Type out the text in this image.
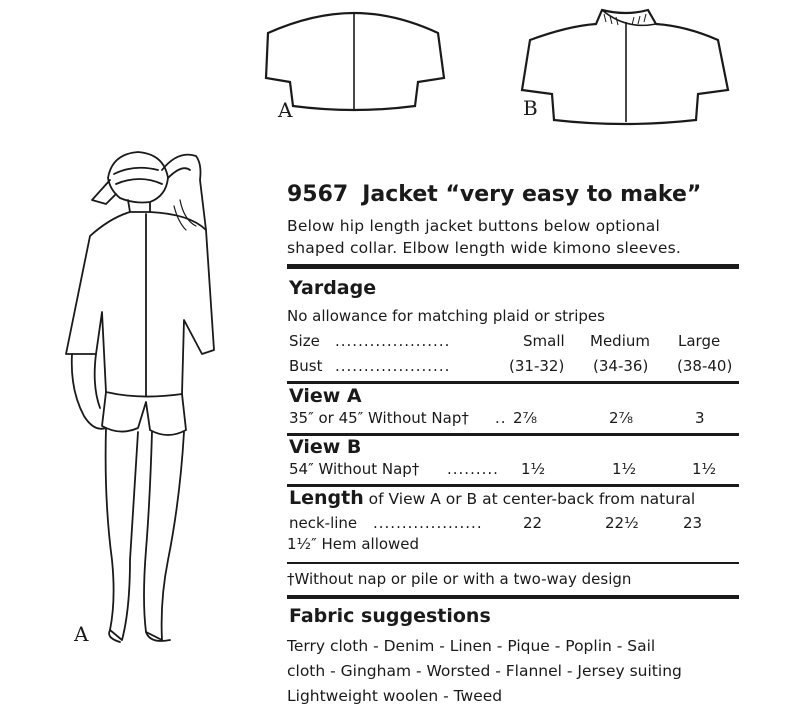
A	B
A
9567 Jacket “very easy to make”
Below hip length jacket buttons below optional
shaped collar. Elbow length wide kimono sleeves.
Yardage
No allowance for matching plaid or stripes
Size ....................	Small Medium Large
Bust ....................	(31-32) (34-36) (38-40)
View A
35″ or 45″ Without Nap† .. 2⁷⁄₈	2⁷⁄₈	3
View B
54″ Without Nap† .........	1¹⁄₂	1¹⁄₂	1¹⁄₂
Length of View A or B at center-back from natural
neck-line ...................	22	22¹⁄₂	23
1¹⁄₂″ Hem allowed
†Without nap or pile or with a two-way design
Fabric suggestions
Terry cloth - Denim - Linen - Pique - Poplin - Sail
cloth - Gingham - Worsted - Flannel - Jersey suiting
Lightweight woolen - Tweed
